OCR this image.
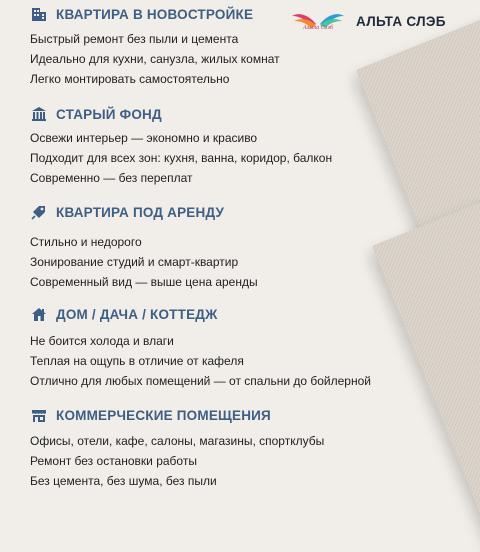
Альта Слэб АЛЬТА СЛЭБ
КВАРТИРА В НОВОСТРОЙКЕ
Быстрый ремонт без пыли и цемента
Идеально для кухни, санузла, жилых комнат
Легко монтировать самостоятельно
СТАРЫЙ ФОНД
Освежи интерьер — экономно и красиво
Подходит для всех зон: кухня, ванна, коридор, балкон
Современно — без переплат
КВАРТИРА ПОД АРЕНДУ
Стильно и недорого
Зонирование студий и смарт-квартир
Современный вид — выше цена аренды
ДОМ / ДАЧА / КОТТЕДЖ
Не боится холода и влаги
Теплая на ощупь в отличие от кафеля
Отлично для любых помещений — от спальни до бойлерной
КОММЕРЧЕСКИЕ ПОМЕЩЕНИЯ
Офисы, отели, кафе, салоны, магазины, спортклубы
Ремонт без остановки работы
Без цемента, без шума, без пыли
